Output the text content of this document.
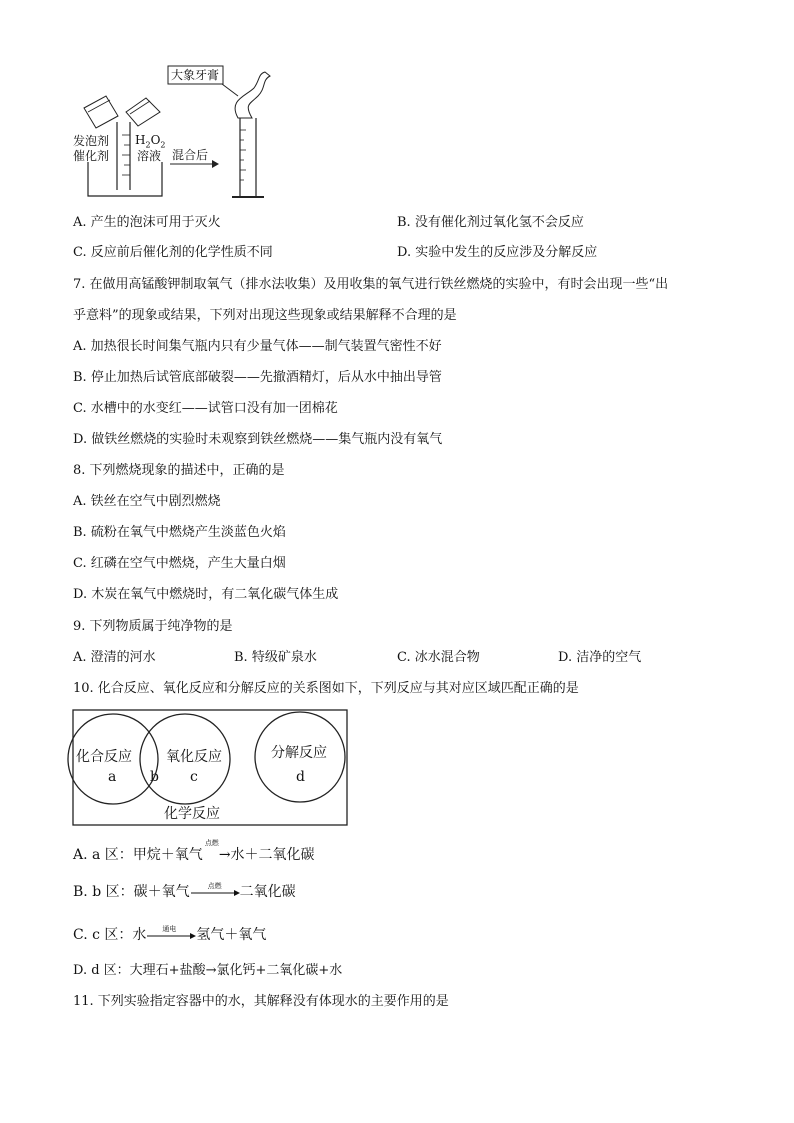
大象牙膏
发泡剂
催化剂
$H_2O_2$
溶液 混合后
A. 产生的泡沫可用于灭火	B. 没有催化剂过氧化氢不会反应
C. 反应前后催化剂的化学性质不同	D. 实验中发生的反应涉及分解反应
7. 在做用高锰酸钾制取氧气（排水法收集）及用收集的氧气进行铁丝燃烧的实验中，有时会出现一些“出
乎意料”的现象或结果，下列对出现这些现象或结果解释不合理的是
A. 加热很长时间集气瓶内只有少量气体——制气装置气密性不好
B. 停止加热后试管底部破裂——先撤酒精灯，后从水中抽出导管
C. 水槽中的水变红——试管口没有加一团棉花
D. 做铁丝燃烧的实验时未观察到铁丝燃烧——集气瓶内没有氧气
8. 下列燃烧现象的描述中，正确的是
A. 铁丝在空气中剧烈燃烧
B. 硫粉在氧气中燃烧产生淡蓝色火焰
C. 红磷在空气中燃烧，产生大量白烟
D. 木炭在氧气中燃烧时，有二氧化碳气体生成
9. 下列物质属于纯净物的是
A. 澄清的河水	B. 特级矿泉水	C. 冰水混合物	D. 洁净的空气
10. 化合反应、氧化反应和分解反应的关系图如下，下列反应与其对应区域匹配正确的是
化合反应 氧化反应	分解反应
a b c	d
化学反应
A. a 区：甲烷＋氧气
点燃
→水＋二氧化碳
B. b 区：碳＋氧气	点燃 二氧化碳
C. c 区：水 通电 氢气＋氧气
D. d 区：大理石+盐酸→氯化钙+二氧化碳+水
11. 下列实验指定容器中的水，其解释没有体现水的主要作用的是
